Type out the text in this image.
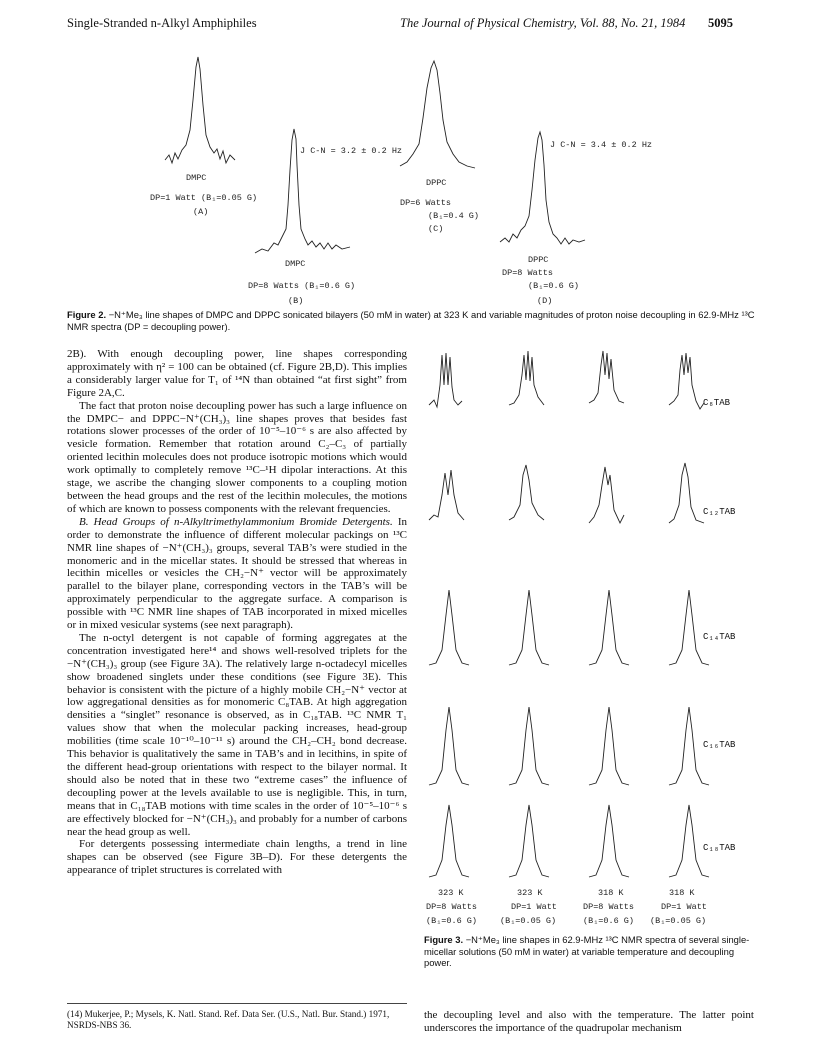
Single-Stranded n-Alkyl Amphiphiles	The Journal of Physical Chemistry, Vol. 88, No. 21, 1984 5095
DMPC
DP=1 Watt (B₁=0.05 G)
(A)
J C-N = 3.2 ± 0.2 Hz
DMPC
DP=8 Watts (B₁=0.6 G)
(B)
DPPC
DP=6 Watts
(B₁=0.4 G)
(C)
J C-N = 3.4 ± 0.2 Hz
DPPC
DP=8 Watts
(B₁=0.6 G)
(D)
Figure 2. −N⁺Me₃ line shapes of DMPC and DPPC sonicated bilayers (50 mM in water) at 323 K and variable magnitudes of proton noise decoupling in 62.9-MHz ¹³C NMR spectra (DP = decoupling power).

2B). With enough decoupling power, line shapes corresponding approximately with η² = 100 can be obtained (cf. Figure 2B,D). This implies a considerably larger value for T₁ of ¹⁴N than obtained “at first sight” from Figure 2A,C.

The fact that proton noise decoupling power has such a large influence on the DMPC− and DPPC−N⁺(CH₃)₃ line shapes proves that besides fast rotations slower processes of the order of 10⁻⁵–10⁻⁶ s are also affected by vesicle formation. Remember that rotation around C₂–C₃ of partially oriented lecithin molecules does not produce isotropic motions which would work optimally to completely remove ¹³C–¹H dipolar interactions. At this stage, we ascribe the changing slower components to a coupling motion between the head groups and the rest of the lecithin molecules, the motions of which are known to possess components with the relevant frequencies.

B. Head Groups of n-Alkyltrimethylammonium Bromide Detergents. In order to demonstrate the influence of different molecular packings on ¹³C NMR line shapes of −N⁺(CH₃)₃ groups, several TAB’s were studied in the monomeric and in the micellar states. It should be stressed that whereas in lecithin micelles or vesicles the CH₂−N⁺ vector will be approximately parallel to the bilayer plane, corresponding vectors in the TAB’s will be approximately perpendicular to the aggregate surface. A comparison is possible with ¹³C NMR line shapes of TAB incorporated in mixed micelles or in mixed vesicular systems (see next paragraph).

The n-octyl detergent is not capable of forming aggregates at the concentration investigated here¹⁴ and shows well-resolved triplets for the −N⁺(CH₃)₃ group (see Figure 3A). The relatively large n-octadecyl micelles show broadened singlets under these conditions (see Figure 3E). This behavior is consistent with the picture of a highly mobile CH₂−N⁺ vector at low aggregational densities as for monomeric C₈TAB. At high aggregation densities a “singlet” resonance is observed, as in C₁₈TAB. ¹³C NMR T₁ values show that when the molecular packing increases, head-group mobilities (time scale 10⁻¹⁰–10⁻¹¹ s) around the CH₂–CH₂ bond decrease. This behavior is qualitatively the same in TAB’s and in lecithins, in spite of the different head-group orientations with respect to the bilayer normal. It should also be noted that in these two “extreme cases” the influence of decoupling power at the levels available to use is negligible. This, in turn, means that in C₁₈TAB motions with time scales in the order of 10⁻⁵–10⁻⁶ s are effectively blocked for −N⁺(CH₃)₃ and probably for a number of carbons near the head group as well.

For detergents possessing intermediate chain lengths, a trend in line shapes can be observed (see Figure 3B–D). For these detergents the appearance of triplet structures is correlated with

(14) Mukerjee, P.; Mysels, K. Natl. Stand. Ref. Data Ser. (U.S., Natl. Bur. Stand.) 1971, NSRDS-NBS 36.
C₈TAB
C₁₂TAB
C₁₄TAB
C₁₆TAB
C₁₈TAB
323 K
DP=8 Watts
(B₁=0.6 G)
323 K
DP=1 Watt
(B₁=0.05 G)
318 K
DP=8 Watts
(B₁=0.6 G)
318 K
DP=1 Watt
(B₁=0.05 G)
Figure 3. −N⁺Me₃ line shapes in 62.9-MHz ¹³C NMR spectra of several single-micellar solutions (50 mM in water) at variable temperature and decoupling power.
the decoupling level and also with the temperature. The latter point underscores the importance of the quadrupolar mechanism
